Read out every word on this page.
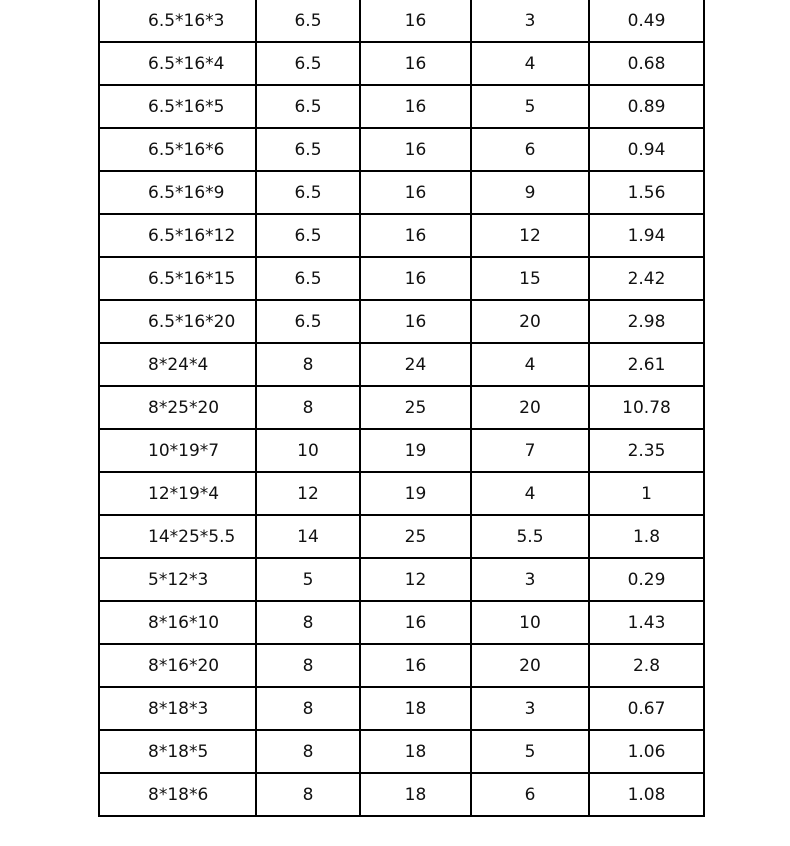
6.5*16*3	6.5	16	3	0.49
6.5*16*4	6.5	16	4	0.68
6.5*16*5	6.5	16	5	0.89
6.5*16*6	6.5	16	6	0.94
6.5*16*9	6.5	16	9	1.56
6.5*16*12	6.5	16	12	1.94
6.5*16*15	6.5	16	15	2.42
6.5*16*20	6.5	16	20	2.98
8*24*4	8	24	4	2.61
8*25*20	8	25	20	10.78
10*19*7	10	19	7	2.35
12*19*4	12	19	4	1
14*25*5.5	14	25	5.5	1.8
5*12*3	5	12	3	0.29
8*16*10	8	16	10	1.43
8*16*20	8	16	20	2.8
8*18*3	8	18	3	0.67
8*18*5	8	18	5	1.06
8*18*6	8	18	6	1.08
